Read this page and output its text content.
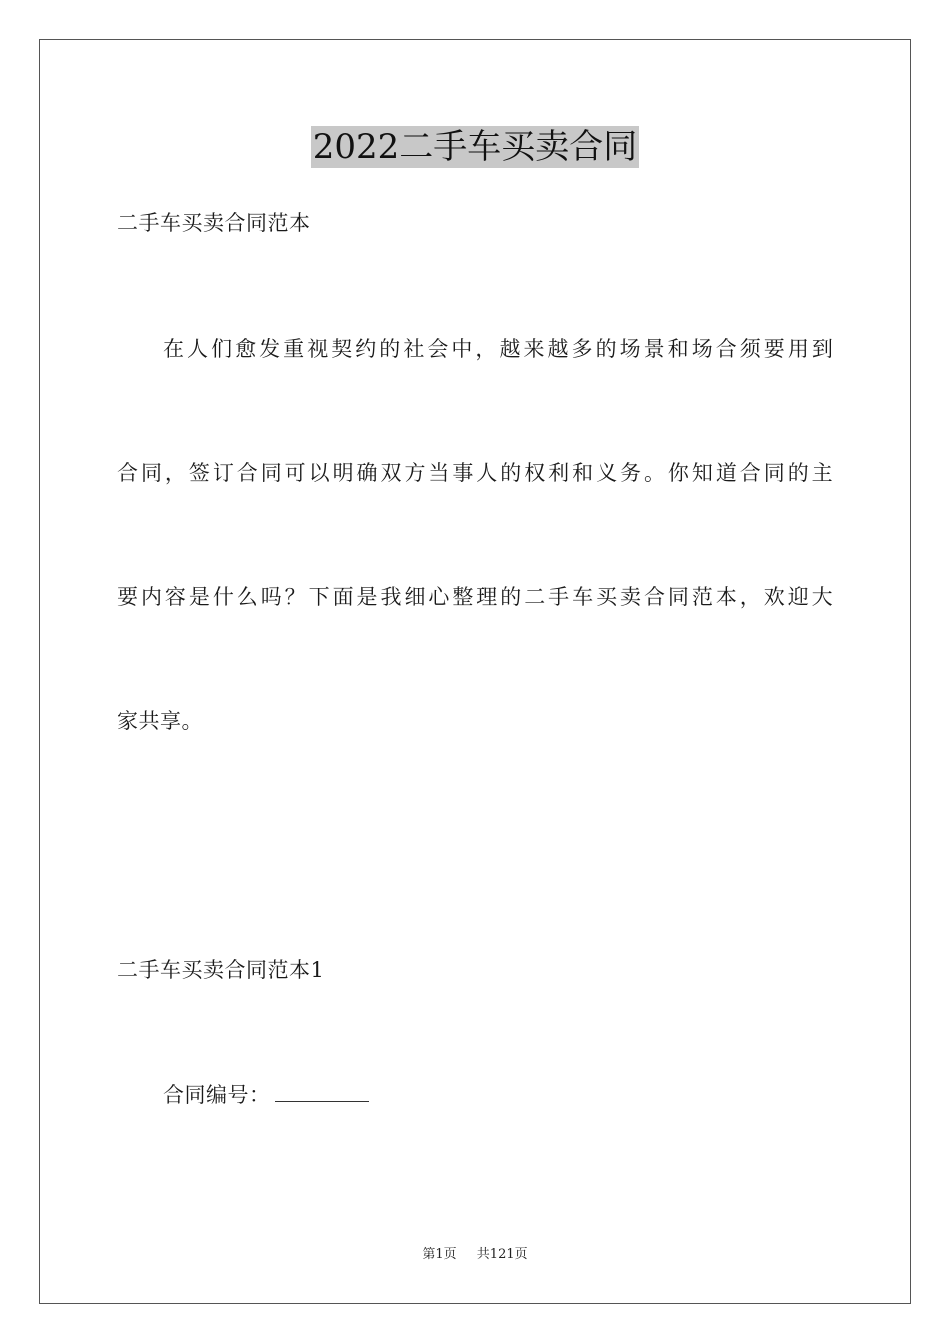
2022二手车买卖合同
二手车买卖合同范本
在 人 们 愈 发 重 视 契 约 的 社 会 中 ， 越 来 越 多 的 场 景 和 场 合 须 要 用 到
合 同 ， 签 订 合 同 可 以 明 确 双 方 当 事 人 的 权 利 和 义 务 。 你 知 道 合 同 的 主
要 内 容 是 什 么 吗 ？ 下 面 是 我 细 心 整 理 的 二 手 车 买 卖 合 同 范 本 ， 欢 迎 大
家共享。
二手车买卖合同范本1
合同编号：
第1页 共121页
